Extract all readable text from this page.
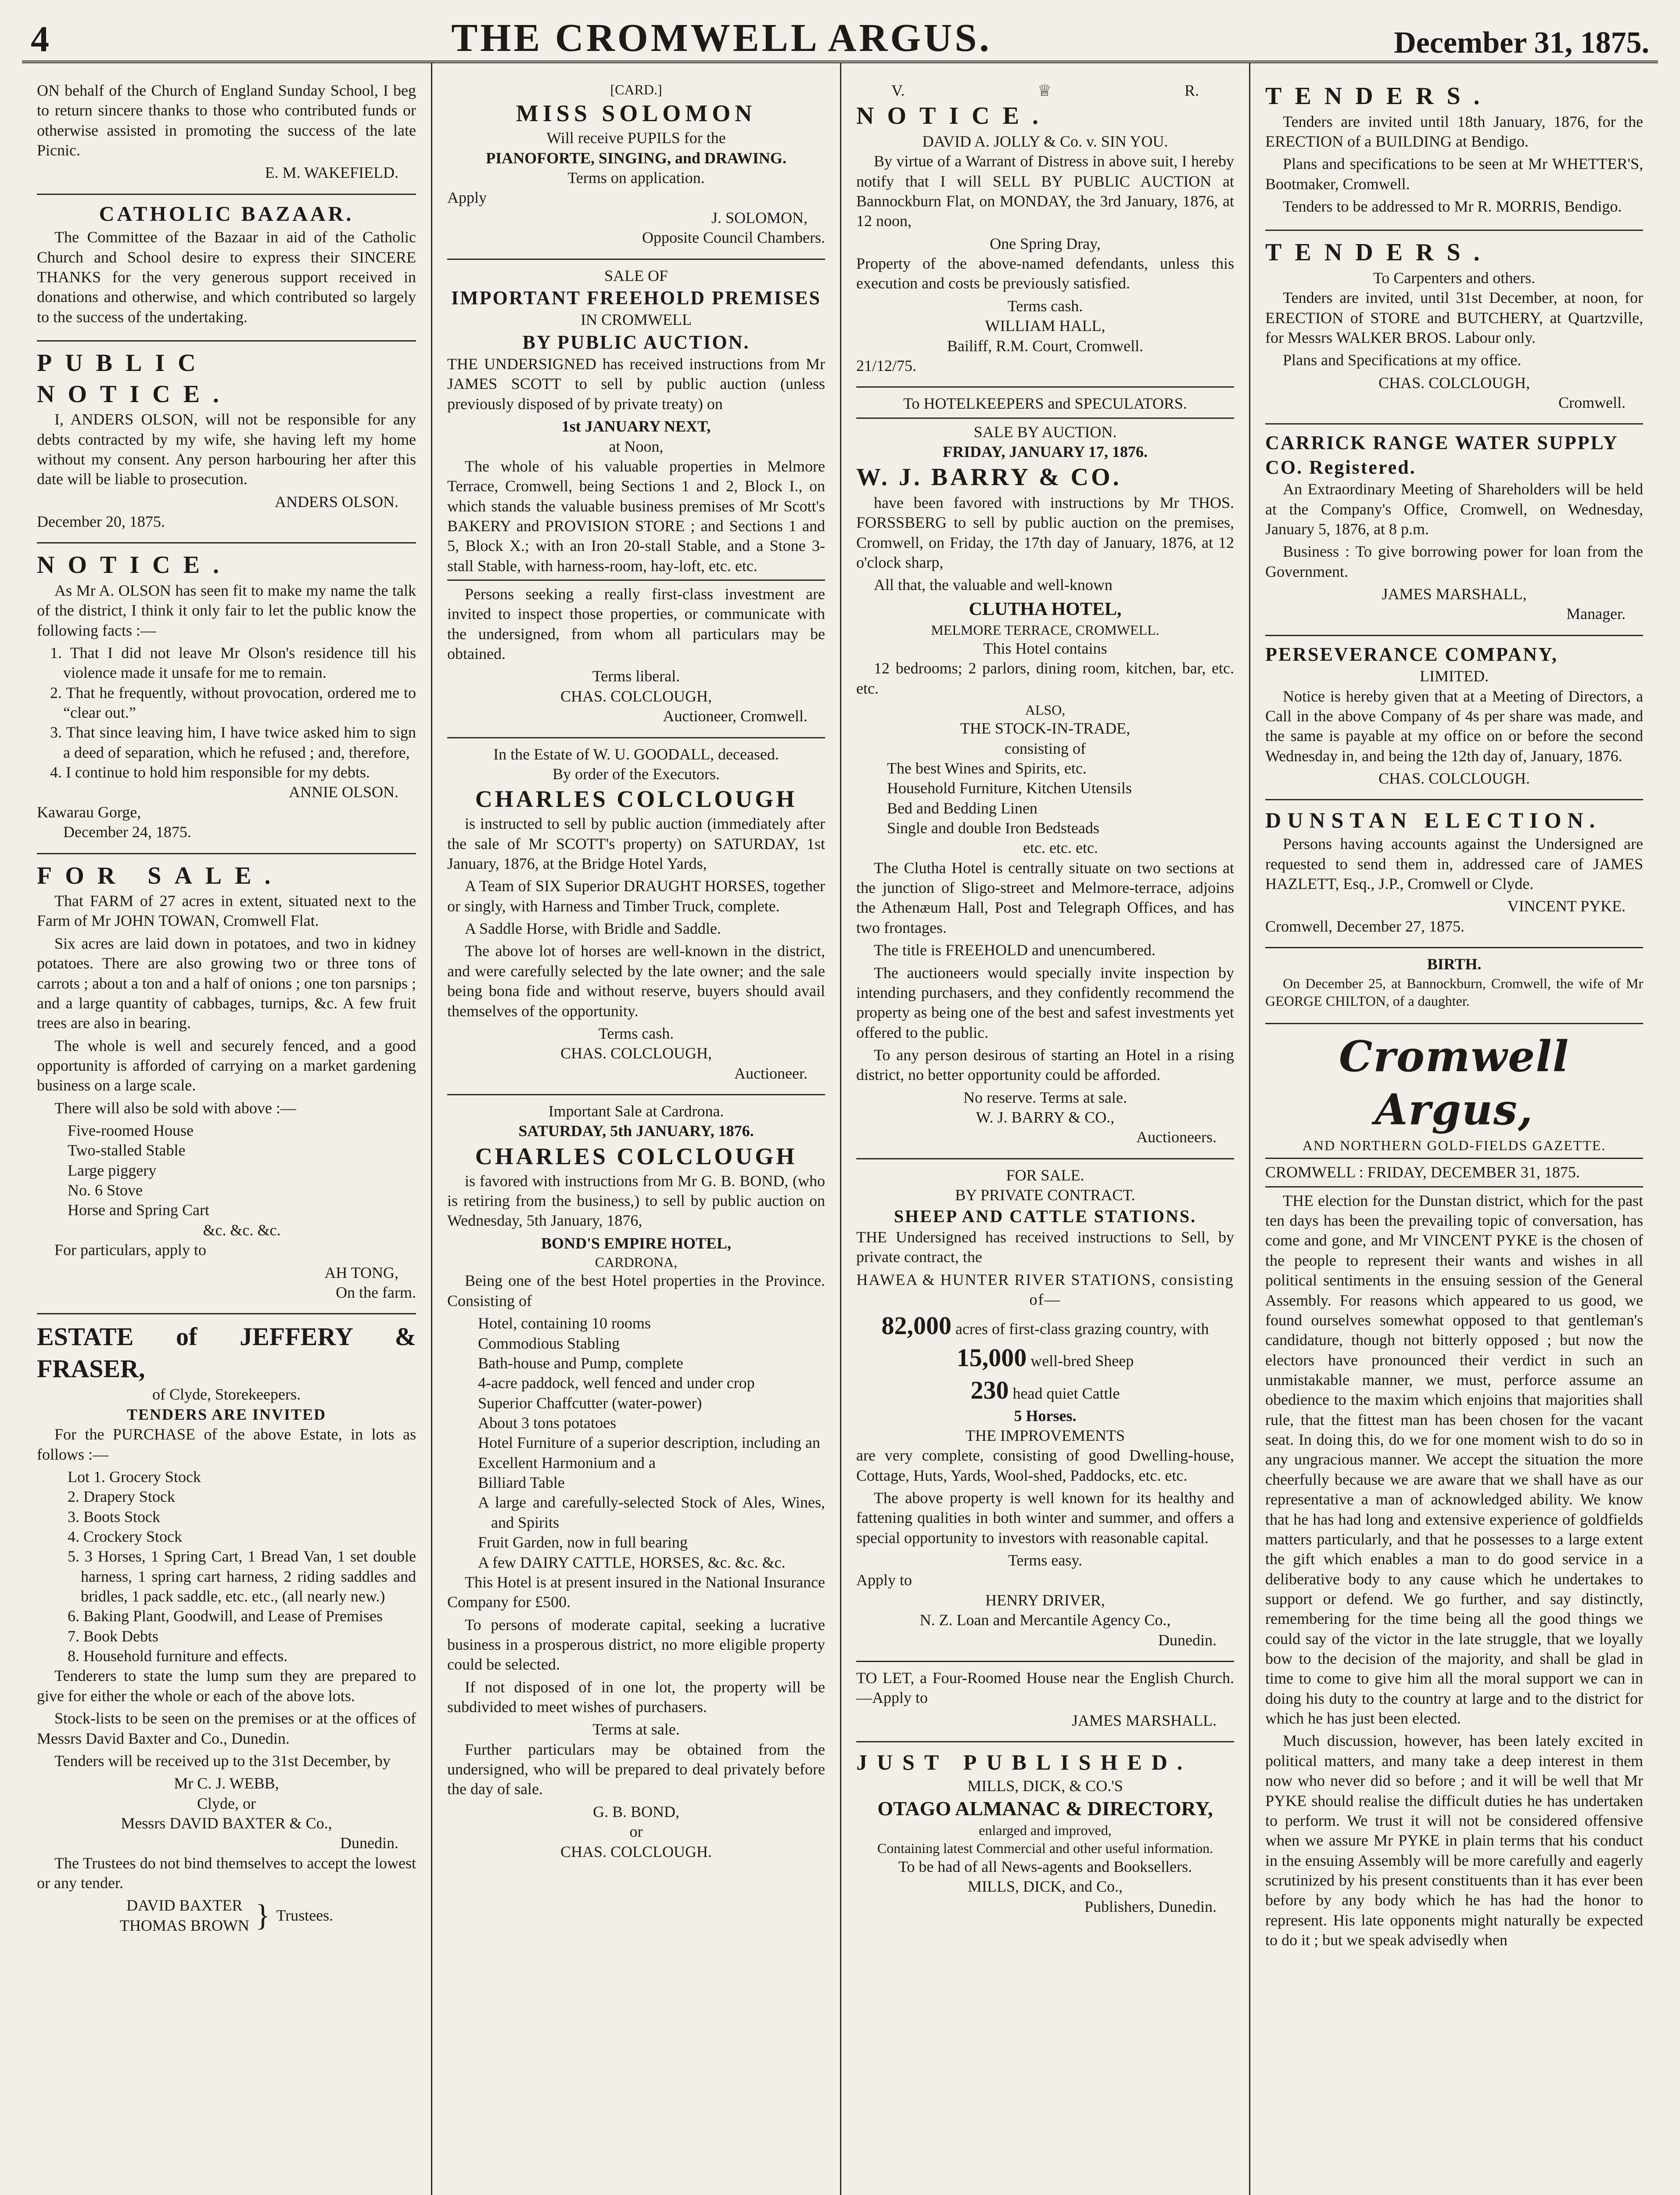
4	THE CROMWELL ARGUS.	December 31, 1875.

ON behalf of the Church of England Sunday School, I beg to return sincere thanks to those who contributed funds or otherwise assisted in promoting the success of the late Picnic.

E. M. WAKEFIELD.
CATHOLIC BAZAAR.

The Committee of the Bazaar in aid of the Catholic Church and School desire to express their SINCERE THANKS for the very generous support received in donations and otherwise, and which contributed so largely to the success of the undertaking.

PUBLIC NOTICE.

I, ANDERS OLSON, will not be responsible for any debts contracted by my wife, she having left my home without my consent. Any person harbouring her after this date will be liable to prosecution.

ANDERS OLSON.
December 20, 1875.
NOTICE.

As Mr A. OLSON has seen fit to make my name the talk of the district, I think it only fair to let the public know the following facts :—

1. That I did not leave Mr Olson's residence till his violence made it unsafe for me to remain.
2. That he frequently, without provocation, ordered me to “clear out.”
3. That since leaving him, I have twice asked him to sign a deed of separation, which he refused ; and, therefore,
4. I continue to hold him responsible for my debts.
ANNIE OLSON.
Kawarau Gorge,
December 24, 1875.
FOR SALE.

That FARM of 27 acres in extent, situated next to the Farm of Mr JOHN TOWAN, Cromwell Flat.

Six acres are laid down in potatoes, and two in kidney potatoes. There are also growing two or three tons of carrots ; about a ton and a half of onions ; one ton parsnips ; and a large quantity of cabbages, turnips, &c. A few fruit trees are also in bearing.

The whole is well and securely fenced, and a good opportunity is afforded of carrying on a market gardening business on a large scale.

There will also be sold with above :—

Five-roomed House
Two-stalled Stable
Large piggery
No. 6 Stove
Horse and Spring Cart
&c. &c. &c.

For particulars, apply to

AH TONG,
On the farm.
ESTATE of JEFFERY & FRASER,
of Clyde, Storekeepers.
TENDERS ARE INVITED

For the PURCHASE of the above Estate, in lots as follows :—

Lot 1. Grocery Stock
2. Drapery Stock
3. Boots Stock
4. Crockery Stock
5. 3 Horses, 1 Spring Cart, 1 Bread Van, 1 set double harness, 1 spring cart harness, 2 riding saddles and bridles, 1 pack saddle, etc. etc., (all nearly new.)
6. Baking Plant, Goodwill, and Lease of Premises
7. Book Debts
8. Household furniture and effects.

Tenderers to state the lump sum they are prepared to give for either the whole or each of the above lots.

Stock-lists to be seen on the premises or at the offices of Messrs David Baxter and Co., Dunedin.

Tenders will be received up to the 31st December, by

Mr C. J. WEBB,
Clyde, or
Messrs DAVID BAXTER & Co.,
Dunedin.

The Trustees do not bind themselves to accept the lowest or any tender.

DAVID BAXTER
THOMAS BROWN } Trustees.
[CARD.]
MISS SOLOMON
Will receive PUPILS for the
PIANOFORTE, SINGING, and DRAWING.
Terms on application.
Apply
J. SOLOMON,
Opposite Council Chambers.
SALE OF
IMPORTANT FREEHOLD PREMISES
IN CROMWELL
BY PUBLIC AUCTION.

THE UNDERSIGNED has received instructions from Mr JAMES SCOTT to sell by public auction (unless previously disposed of by private treaty) on

1st JANUARY NEXT,
at Noon,

The whole of his valuable properties in Melmore Terrace, Cromwell, being Sections 1 and 2, Block I., on which stands the valuable business premises of Mr Scott's BAKERY and PROVISION STORE ; and Sections 1 and 5, Block X.; with an Iron 20-stall Stable, and a Stone 3-stall Stable, with harness-room, hay-loft, etc. etc.

Persons seeking a really first-class investment are invited to inspect those properties, or communicate with the undersigned, from whom all particulars may be obtained.

Terms liberal.
CHAS. COLCLOUGH,
Auctioneer, Cromwell.
In the Estate of W. U. GOODALL, deceased.
By order of the Executors.
CHARLES COLCLOUGH

is instructed to sell by public auction (immediately after the sale of Mr SCOTT's property) on SATURDAY, 1st January, 1876, at the Bridge Hotel Yards,

A Team of SIX Superior DRAUGHT HORSES, together or singly, with Harness and Timber Truck, complete.

A Saddle Horse, with Bridle and Saddle.

The above lot of horses are well-known in the district, and were carefully selected by the late owner; and the sale being bona fide and without reserve, buyers should avail themselves of the opportunity.

Terms cash.
CHAS. COLCLOUGH,
Auctioneer.
Important Sale at Cardrona.
SATURDAY, 5th JANUARY, 1876.
CHARLES COLCLOUGH

is favored with instructions from Mr G. B. BOND, (who is retiring from the business,) to sell by public auction on Wednesday, 5th January, 1876,

BOND'S EMPIRE HOTEL,
CARDRONA,

Being one of the best Hotel properties in the Province. Consisting of

Hotel, containing 10 rooms
Commodious Stabling
Bath-house and Pump, complete
4-acre paddock, well fenced and under crop
Superior Chaffcutter (water-power)
About 3 tons potatoes
Hotel Furniture of a superior description, including an
Excellent Harmonium and a
Billiard Table
A large and carefully-selected Stock of Ales, Wines, and Spirits
Fruit Garden, now in full bearing
A few DAIRY CATTLE, HORSES, &c. &c. &c.

This Hotel is at present insured in the National Insurance Company for £500.

To persons of moderate capital, seeking a lucrative business in a prosperous district, no more eligible property could be selected.

If not disposed of in one lot, the property will be subdivided to meet wishes of purchasers.

Terms at sale.

Further particulars may be obtained from the undersigned, who will be prepared to deal privately before the day of sale.

G. B. BOND,
or
CHAS. COLCLOUGH.
V.	♕	R.
NOTICE.
DAVID A. JOLLY & Co. v. SIN YOU.

By virtue of a Warrant of Distress in above suit, I hereby notify that I will SELL BY PUBLIC AUCTION at Bannockburn Flat, on MONDAY, the 3rd January, 1876, at 12 noon,

One Spring Dray,

Property of the above-named defendants, unless this execution and costs be previously satisfied.

Terms cash.
WILLIAM HALL,
Bailiff, R.M. Court, Cromwell.
21/12/75.
To HOTELKEEPERS and SPECULATORS.
SALE BY AUCTION.
FRIDAY, JANUARY 17, 1876.
W. J. BARRY & CO.

have been favored with instructions by Mr THOS. FORSSBERG to sell by public auction on the premises, Cromwell, on Friday, the 17th day of January, 1876, at 12 o'clock sharp,

All that, the valuable and well-known

CLUTHA HOTEL,
MELMORE TERRACE, CROMWELL.
This Hotel contains

12 bedrooms; 2 parlors, dining room, kitchen, bar, etc. etc.

ALSO,
THE STOCK-IN-TRADE,
consisting of
The best Wines and Spirits, etc.
Household Furniture, Kitchen Utensils
Bed and Bedding Linen
Single and double Iron Bedsteads
etc. etc. etc.

The Clutha Hotel is centrally situate on two sections at the junction of Sligo-street and Melmore-terrace, adjoins the Athenæum Hall, Post and Telegraph Offices, and has two frontages.

The title is FREEHOLD and unencumbered.

The auctioneers would specially invite inspection by intending purchasers, and they confidently recommend the property as being one of the best and safest investments yet offered to the public.

To any person desirous of starting an Hotel in a rising district, no better opportunity could be afforded.

No reserve. Terms at sale.
W. J. BARRY & CO.,
Auctioneers.
FOR SALE.
BY PRIVATE CONTRACT.
SHEEP AND CATTLE STATIONS.

THE Undersigned has received instructions to Sell, by private contract, the

HAWEA & HUNTER RIVER STATIONS, consisting of—
82,000 acres of first-class grazing country, with
15,000 well-bred Sheep
230 head quiet Cattle
5 Horses.
THE IMPROVEMENTS

are very complete, consisting of good Dwelling-house, Cottage, Huts, Yards, Wool-shed, Paddocks, etc. etc.

The above property is well known for its healthy and fattening qualities in both winter and summer, and offers a special opportunity to investors with reasonable capital.

Terms easy.
Apply to
HENRY DRIVER,
N. Z. Loan and Mercantile Agency Co.,
Dunedin.

TO LET, a Four-Roomed House near the English Church.—Apply to

JAMES MARSHALL.
JUST PUBLISHED.
MILLS, DICK, & CO.'S
OTAGO ALMANAC & DIRECTORY,
enlarged and improved,
Containing latest Commercial and other useful information.
To be had of all News-agents and Booksellers.
MILLS, DICK, and Co.,
Publishers, Dunedin.
TENDERS.

Tenders are invited until 18th January, 1876, for the ERECTION of a BUILDING at Bendigo.

Plans and specifications to be seen at Mr WHETTER'S, Bootmaker, Cromwell.

Tenders to be addressed to Mr R. MORRIS, Bendigo.

TENDERS.
To Carpenters and others.

Tenders are invited, until 31st December, at noon, for ERECTION of STORE and BUTCHERY, at Quartzville, for Messrs WALKER BROS. Labour only.

Plans and Specifications at my office.

CHAS. COLCLOUGH,
Cromwell.
CARRICK RANGE WATER SUPPLY CO. Registered.

An Extraordinary Meeting of Shareholders will be held at the Company's Office, Cromwell, on Wednesday, January 5, 1876, at 8 p.m.

Business : To give borrowing power for loan from the Government.

JAMES MARSHALL,
Manager.
PERSEVERANCE COMPANY,
LIMITED.

Notice is hereby given that at a Meeting of Directors, a Call in the above Company of 4s per share was made, and the same is payable at my office on or before the second Wednesday in, and being the 12th day of, January, 1876.

CHAS. COLCLOUGH.
DUNSTAN ELECTION.

Persons having accounts against the Undersigned are requested to send them in, addressed care of JAMES HAZLETT, Esq., J.P., Cromwell or Clyde.

VINCENT PYKE.
Cromwell, December 27, 1875.
BIRTH.

On December 25, at Bannockburn, Cromwell, the wife of Mr GEORGE CHILTON, of a daughter.

Cromwell Argus,
AND NORTHERN GOLD-FIELDS GAZETTE.
CROMWELL : FRIDAY, DECEMBER 31, 1875.

THE election for the Dunstan district, which for the past ten days has been the prevailing topic of conversation, has come and gone, and Mr VINCENT PYKE is the chosen of the people to represent their wants and wishes in all political sentiments in the ensuing session of the General Assembly. For reasons which appeared to us good, we found ourselves somewhat opposed to that gentleman's candidature, though not bitterly opposed ; but now the electors have pronounced their verdict in such an unmistakable manner, we must, perforce assume an obedience to the maxim which enjoins that majorities shall rule, that the fittest man has been chosen for the vacant seat. In doing this, do we for one moment wish to do so in any ungracious manner. We accept the situation the more cheerfully because we are aware that we shall have as our representative a man of acknowledged ability. We know that he has had long and extensive experience of goldfields matters particularly, and that he possesses to a large extent the gift which enables a man to do good service in a deliberative body to any cause which he undertakes to support or defend. We go further, and say distinctly, remembering for the time being all the good things we could say of the victor in the late struggle, that we loyally bow to the decision of the majority, and shall be glad in time to come to give him all the moral support we can in doing his duty to the country at large and to the district for which he has just been elected.

Much discussion, however, has been lately excited in political matters, and many take a deep interest in them now who never did so before ; and it will be well that Mr PYKE should realise the difficult duties he has undertaken to perform. We trust it will not be considered offensive when we assure Mr PYKE in plain terms that his conduct in the ensuing Assembly will be more carefully and eagerly scrutinized by his present constituents than it has ever been before by any body which he has had the honor to represent. His late opponents might naturally be expected to do it ; but we speak advisedly when
